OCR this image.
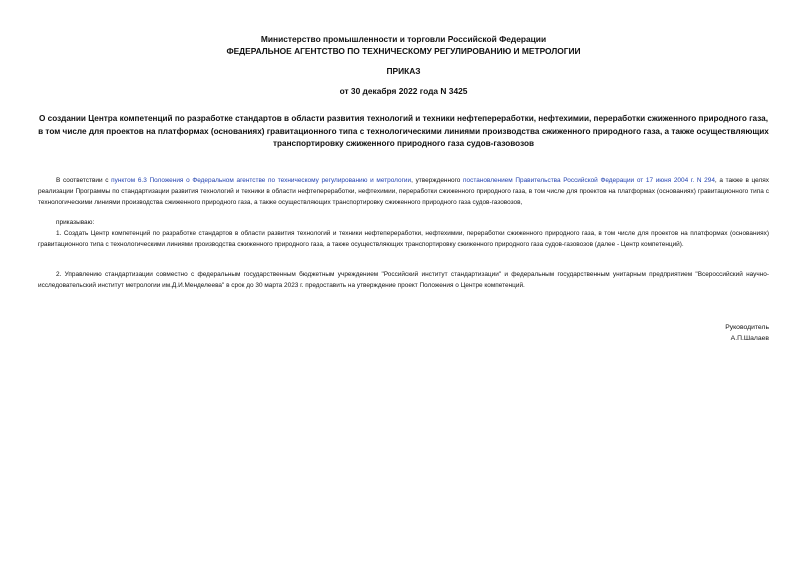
Министерство промышленности и торговли Российской Федерации
ФЕДЕРАЛЬНОЕ АГЕНТСТВО ПО ТЕХНИЧЕСКОМУ РЕГУЛИРОВАНИЮ И МЕТРОЛОГИИ
ПРИКАЗ
от 30 декабря 2022 года N 3425
О создании Центра компетенций по разработке стандартов в области развития технологий и техники нефтепереработки, нефтехимии, переработки сжиженного природного газа, в том числе для проектов на платформах (основаниях) гравитационного типа с технологическими линиями производства сжиженного природного газа, а также осуществляющих транспортировку сжиженного природного газа судов-газовозов
В соответствии с пунктом 6.3 Положения о Федеральном агентстве по техническому регулированию и метрологии, утвержденного постановлением Правительства Российской Федерации от 17 июня 2004 г. N 294, а также в целях реализации Программы по стандартизации развития технологий и техники в области нефтепереработки, нефтехимии, переработки сжиженного природного газа, в том числе для проектов на платформах (основаниях) гравитационного типа с технологическими линиями производства сжиженного природного газа, а также осуществляющих транспортировку сжиженного природного газа судов-газовозов,
приказываю:
1. Создать Центр компетенций по разработке стандартов в области развития технологий и техники нефтепереработки, нефтехимии, переработки сжиженного природного газа, в том числе для проектов на платформах (основаниях) гравитационного типа с технологическими линиями производства сжиженного природного газа, а также осуществляющих транспортировку сжиженного природного газа судов-газовозов (далее - Центр компетенций).
2. Управлению стандартизации совместно с федеральным государственным бюджетным учреждением "Российский институт стандартизации" и федеральным государственным унитарным предприятием "Всероссийский научно-исследовательский институт метрологии им.Д.И.Менделеева" в срок до 30 марта 2023 г. предоставить на утверждение проект Положения о Центре компетенций.
Руководитель
А.П.Шалаев
